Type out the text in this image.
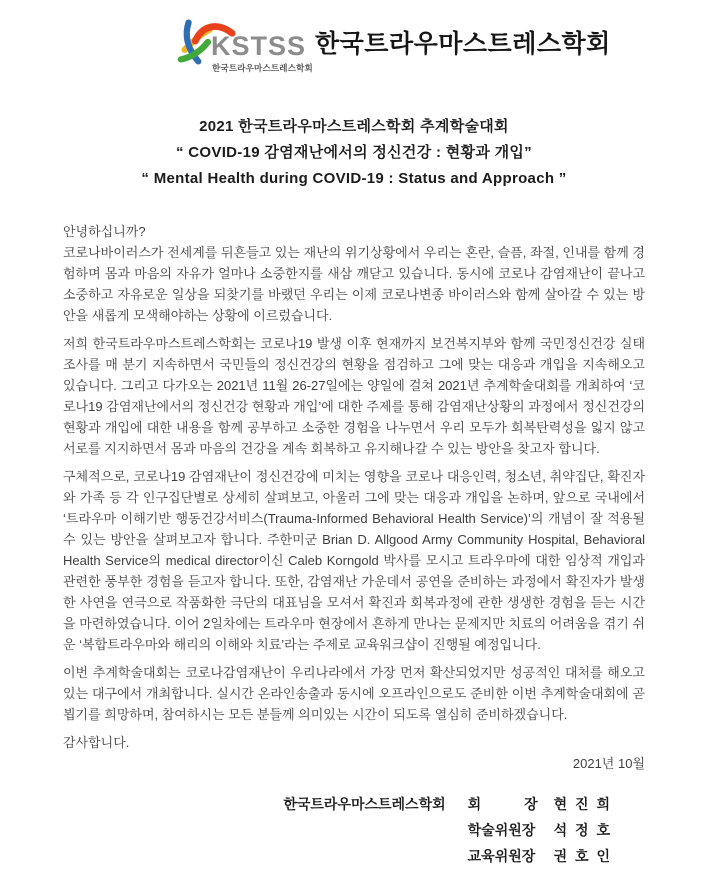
KSTSS
한국트라우마스트레스학회
한국트라우마스트레스학회

2021 한국트라우마스트레스학회 추계학술대회

“ COVID-19 감염재난에서의 정신건강 : 현황과 개입”

“ Mental Health during COVID-19 : Status and Approach ”

안녕하십니까?

코로나바이러스가 전세계를 뒤흔들고 있는 재난의 위기상황에서 우리는 혼란, 슬픔, 좌절, 인내를 함께 경험하며 몸과 마음의 자유가 얼마나 소중한지를 새삼 깨닫고 있습니다. 동시에 코로나 감염재난이 끝나고 소중하고 자유로운 일상을 되찾기를 바랬던 우리는 이제 코로나변종 바이러스와 함께 살아갈 수 있는 방안을 새롭게 모색해야하는 상황에 이르렀습니다.

저희 한국트라우마스트레스학회는 코로나19 발생 이후 현재까지 보건복지부와 함께 국민정신건강 실태조사를 매 분기 지속하면서 국민들의 정신건강의 현황을 점검하고 그에 맞는 대응과 개입을 지속해오고 있습니다. 그리고 다가오는 2021년 11월 26-27일에는 양일에 걸쳐 2021년 추계학술대회를 개최하여 ‘코로나19 감염재난에서의 정신건강 현황과 개입’에 대한 주제를 통해 감염재난상황의 과정에서 정신건강의 현황과 개입에 대한 내용을 함께 공부하고 소중한 경험을 나누면서 우리 모두가 회복탄력성을 잃지 않고 서로를 지지하면서 몸과 마음의 건강을 계속 회복하고 유지해나갈 수 있는 방안을 찾고자 합니다.

구체적으로, 코로나19 감염재난이 정신건강에 미치는 영향을 코로나 대응인력, 청소년, 취약집단, 확진자와 가족 등 각 인구집단별로 상세히 살펴보고, 아울러 그에 맞는 대응과 개입을 논하며, 앞으로 국내에서 ‘트라우마 이해기반 행동건강서비스(Trauma-Informed Behavioral Health Service)’의 개념이 잘 적용될 수 있는 방안을 살펴보고자 합니다. 주한미군 Brian D. Allgood Army Community Hospital, Behavioral Health Service의 medical director이신 Caleb Korngold 박사를 모시고 트라우마에 대한 임상적 개입과 관련한 풍부한 경험을 듣고자 합니다. 또한, 감염재난 가운데서 공연을 준비하는 과정에서 확진자가 발생한 사연을 연극으로 작품화한 극단의 대표님을 모셔서 확진과 회복과정에 관한 생생한 경험을 듣는 시간을 마련하였습니다. 이어 2일차에는 트라우마 현장에서 흔하게 만나는 문제지만 치료의 어려움을 겪기 쉬운 ‘복합트라우마와 해리의 이해와 치료’라는 주제로 교육워크샵이 진행될 예정입니다.

이번 추계학술대회는 코로나감염재난이 우리나라에서 가장 먼저 확산되었지만 성공적인 대처를 해오고있는 대구에서 개최합니다. 실시간 온라인송출과 동시에 오프라인으로도 준비한 이번 추계학술대회에 곧 뵙기를 희망하며, 참여하시는 모든 분들께 의미있는 시간이 되도록 열심히 준비하겠습니다.

감사합니다.

2021년 10월

한국트라우마스트레스학회 회 장 현 진 희
학술위원장 석 정 호
교육위원장 권 호 인
